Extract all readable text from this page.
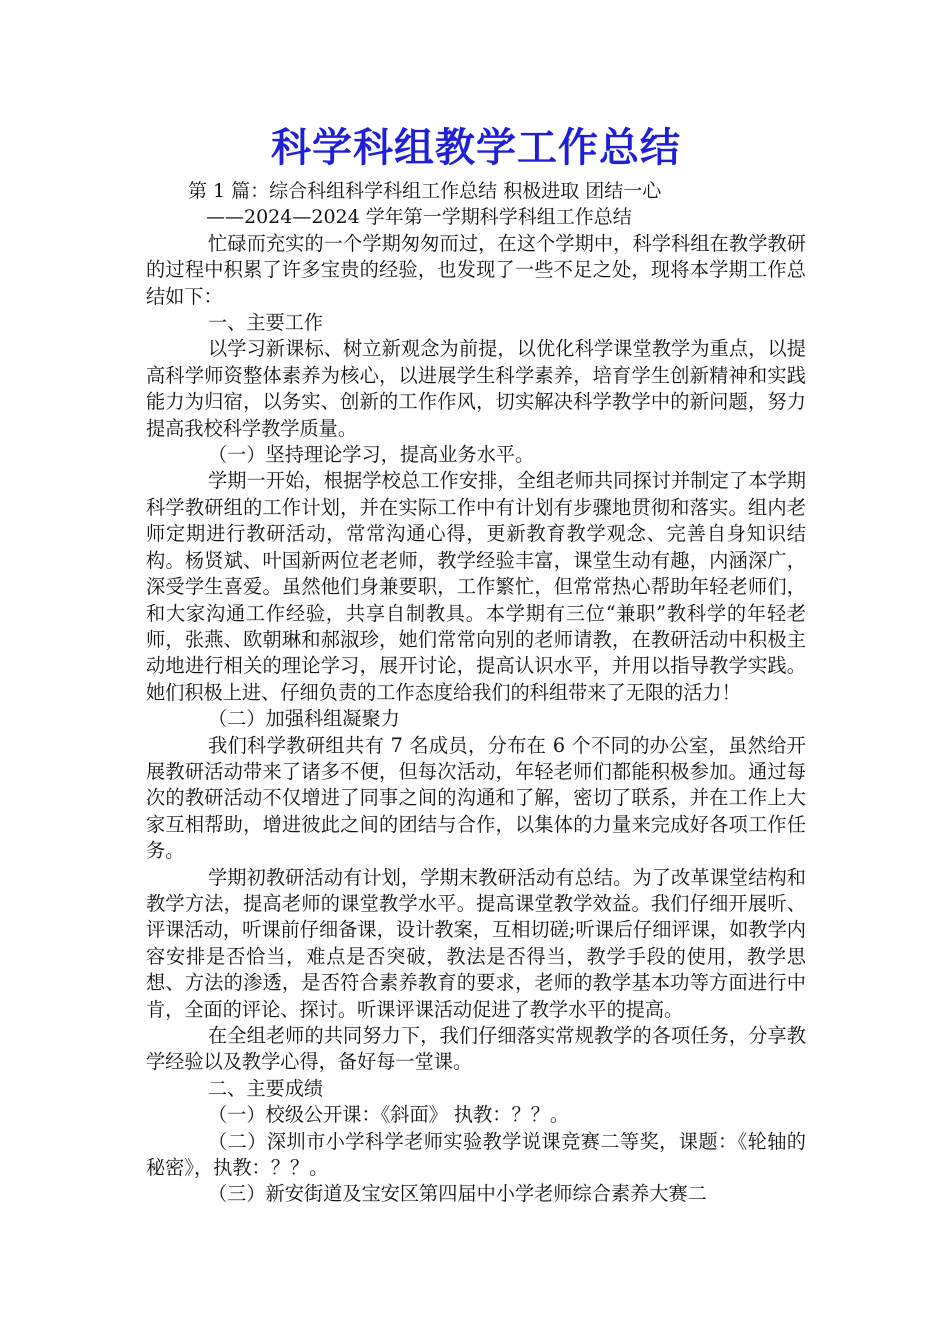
科学科组教学工作总结

第 1 篇：综合科组科学科组工作总结 积极进取 团结一心

——2024—2024 学年第一学期科学科组工作总结

忙碌而充实的一个学期匆匆而过，在这个学期中，科学科组在教学教研的过程中积累了许多宝贵的经验，也发现了一些不足之处，现将本学期工作总结如下：

一、主要工作

以学习新课标、树立新观念为前提，以优化科学课堂教学为重点，以提高科学师资整体素养为核心，以进展学生科学素养，培育学生创新精神和实践能力为归宿，以务实、创新的工作作风，切实解决科学教学中的新问题，努力提高我校科学教学质量。

（一）坚持理论学习，提高业务水平。

学期一开始，根据学校总工作安排，全组老师共同探讨并制定了本学期科学教研组的工作计划，并在实际工作中有计划有步骤地贯彻和落实。组内老师定期进行教研活动，常常沟通心得，更新教育教学观念、完善自身知识结构。杨贤斌、叶国新两位老老师，教学经验丰富，课堂生动有趣，内涵深广，深受学生喜爱。虽然他们身兼要职，工作繁忙，但常常热心帮助年轻老师们，和大家沟通工作经验，共享自制教具。本学期有三位“兼职”教科学的年轻老师，张燕、欧朝琳和郝淑珍，她们常常向别的老师请教，在教研活动中积极主动地进行相关的理论学习，展开讨论，提高认识水平，并用以指导教学实践。她们积极上进、仔细负责的工作态度给我们的科组带来了无限的活力！

（二）加强科组凝聚力

我们科学教研组共有 7 名成员，分布在 6 个不同的办公室，虽然给开展教研活动带来了诸多不便，但每次活动，年轻老师们都能积极参加。通过每次的教研活动不仅增进了同事之间的沟通和了解，密切了联系，并在工作上大家互相帮助，增进彼此之间的团结与合作，以集体的力量来完成好各项工作任务。

学期初教研活动有计划，学期末教研活动有总结。为了改革课堂结构和教学方法，提高老师的课堂教学水平。提高课堂教学效益。我们仔细开展听、评课活动，听课前仔细备课，设计教案，互相切磋;听课后仔细评课，如教学内容安排是否恰当，难点是否突破，教法是否得当，教学手段的使用，教学思想、方法的渗透，是否符合素养教育的要求，老师的教学基本功等方面进行中肯，全面的评论、探讨。听课评课活动促进了教学水平的提高。

在全组老师的共同努力下，我们仔细落实常规教学的各项任务，分享教学经验以及教学心得，备好每一堂课。

二、主要成绩

（一）校级公开课：《斜面》 执教：？？。

（二）深圳市小学科学老师实验教学说课竞赛二等奖，课题：《轮轴的秘密》，执教：？？。

（三）新安街道及宝安区第四届中小学老师综合素养大赛二
